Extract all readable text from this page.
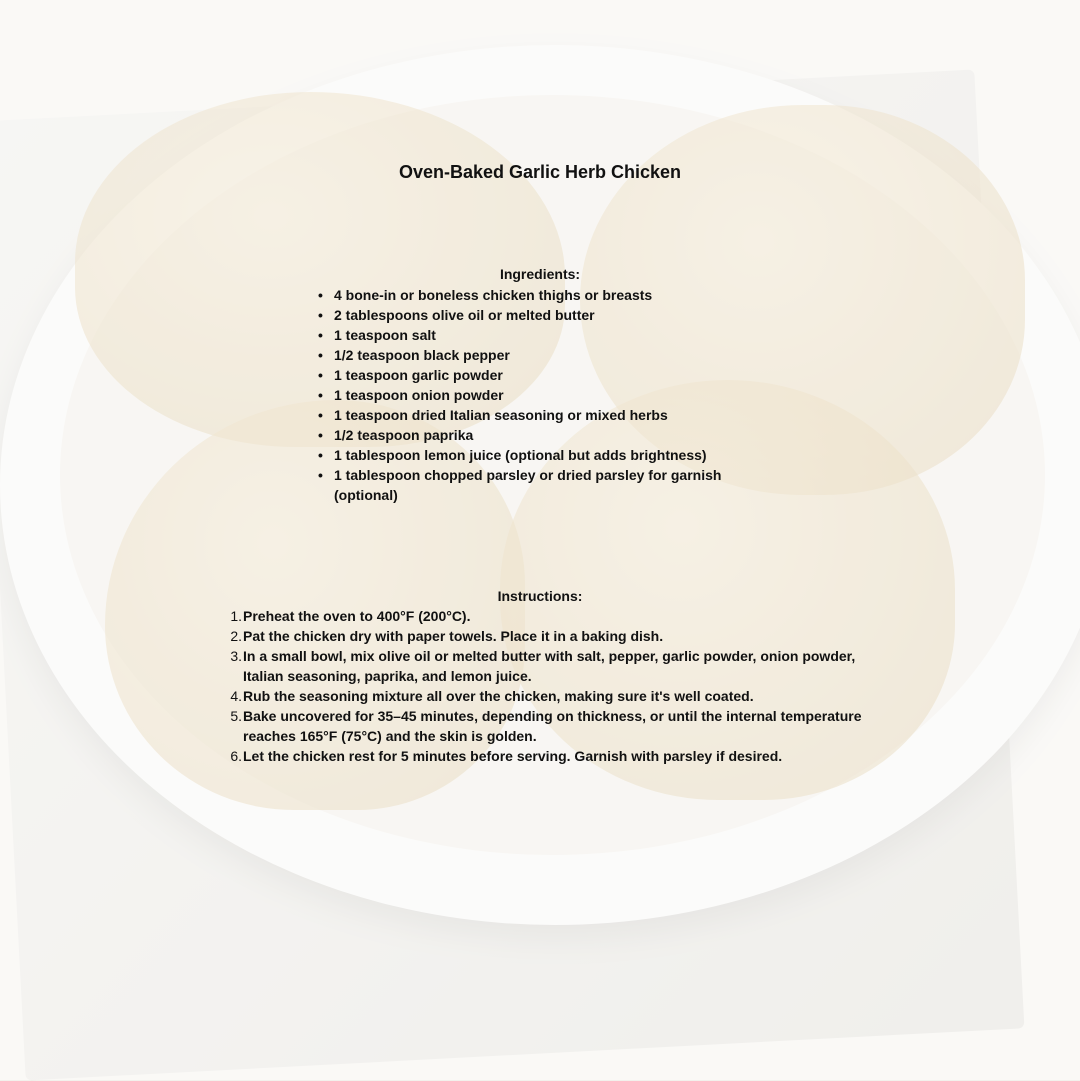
Oven-Baked Garlic Herb Chicken
Ingredients:
• 4 bone-in or boneless chicken thighs or breasts
• 2 tablespoons olive oil or melted butter
• 1 teaspoon salt
• 1/2 teaspoon black pepper
• 1 teaspoon garlic powder
• 1 teaspoon onion powder
• 1 teaspoon dried Italian seasoning or mixed herbs
• 1/2 teaspoon paprika
• 1 tablespoon lemon juice (optional but adds brightness)
• 1 tablespoon chopped parsley or dried parsley for garnish (optional)
Instructions:
1. Preheat the oven to 400°F (200°C).
2. Pat the chicken dry with paper towels. Place it in a baking dish.
3. In a small bowl, mix olive oil or melted butter with salt, pepper, garlic powder, onion powder, Italian seasoning, paprika, and lemon juice.
4. Rub the seasoning mixture all over the chicken, making sure it's well coated.
5. Bake uncovered for 35–45 minutes, depending on thickness, or until the internal temperature reaches 165°F (75°C) and the skin is golden.
6. Let the chicken rest for 5 minutes before serving. Garnish with parsley if desired.
